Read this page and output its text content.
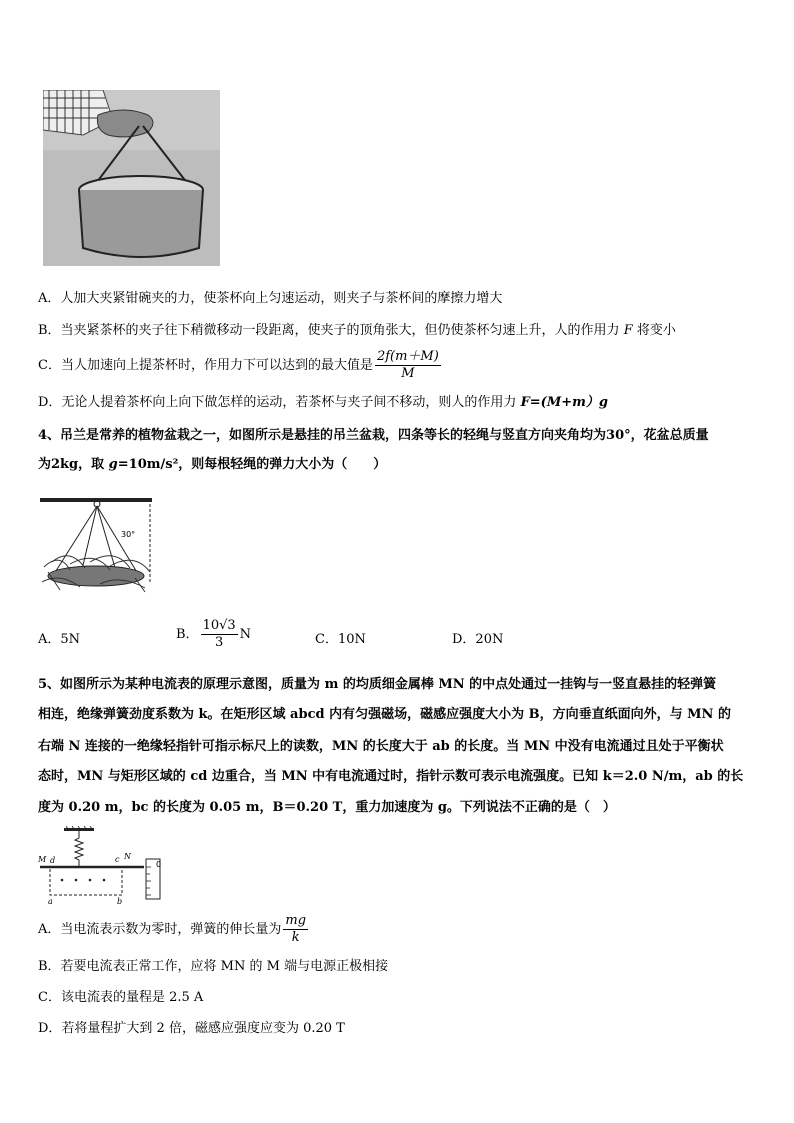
A．人加大夹紧钳碗夹的力，使茶杯向上匀速运动，则夹子与茶杯间的摩擦力增大
B．当夹紧茶杯的夹子往下稍微移动一段距离，使夹子的顶角张大，但仍使茶杯匀速上升，人的作用力 F 将变小
C．当人加速向上提茶杯时，作用力下可以达到的最大值是 $\frac{2f(m+M)}{M}$
D．无论人提着茶杯向上向下做怎样的运动，若茶杯与夹子间不移动，则人的作用力 F=(M+m）g
4、吊兰是常养的植物盆栽之一，如图所示是悬挂的吊兰盆栽，四条等长的轻绳与竖直方向夹角均为30°，花盆总质量
为2kg，取 g=10m/s²，则每根轻绳的弹力大小为（　　）
30°
A．5N	B． $\frac{10√3}{3}$ N	C．10N	D．20N
5、如图所示为某种电流表的原理示意图，质量为 m 的均质细金属棒 MN 的中点处通过一挂钩与一竖直悬挂的轻弹簧
相连，绝缘弹簧劲度系数为 k。在矩形区域 abcd 内有匀强磁场，磁感应强度大小为 B，方向垂直纸面向外，与 MN 的
右端 N 连接的一绝缘轻指针可指示标尺上的读数，MN 的长度大于 ab 的长度。当 MN 中没有电流通过且处于平衡状
态时，MN 与矩形区域的 cd 边重合，当 MN 中有电流通过时，指针示数可表示电流强度。已知 k＝2.0 N/m，ab 的长
度为 0.20 m，bc 的长度为 0.05 m，B＝0.20 T，重力加速度为 g。下列说法不正确的是（　）
M d	c N
a	b
0
A．当电流表示数为零时，弹簧的伸长量为 $\frac{mg}{k}$
B．若要电流表正常工作，应将 MN 的 M 端与电源正极相接
C．该电流表的量程是 2.5 A
D．若将量程扩大到 2 倍，磁感应强度应变为 0.20 T
